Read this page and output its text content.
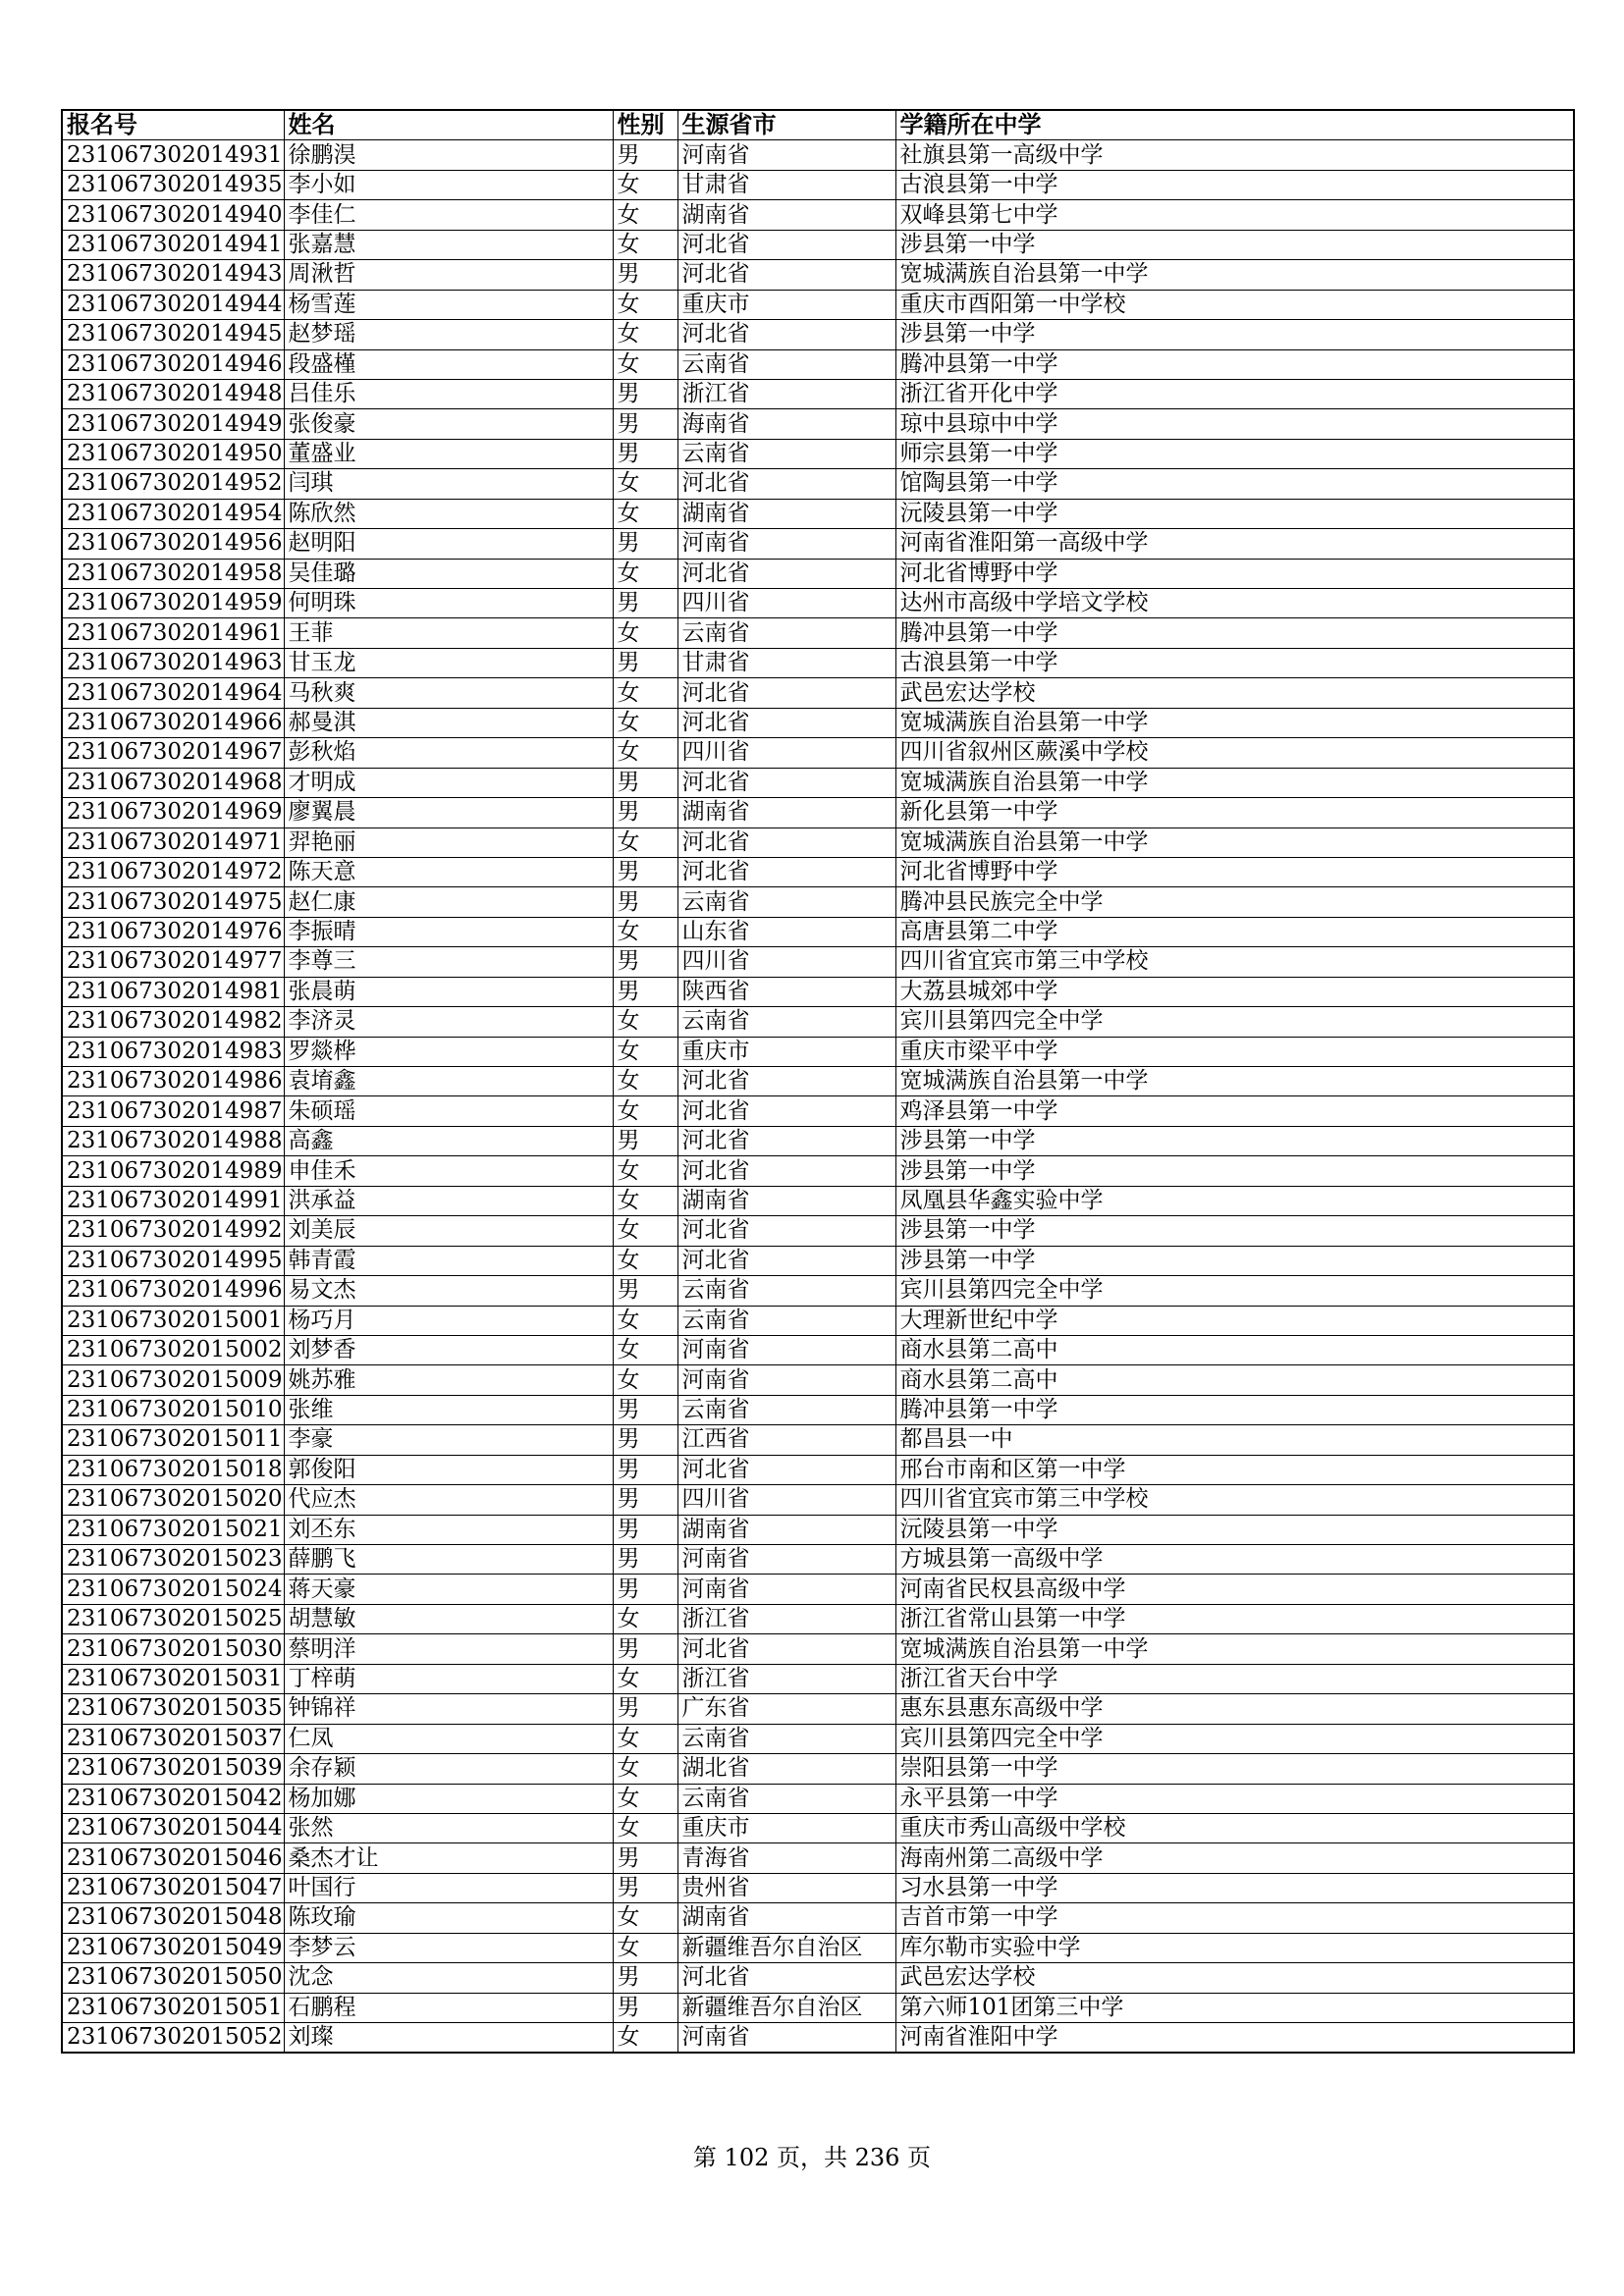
报名号	姓名	性别	生源省市	学籍所在中学
231067302014931	徐鹏淏	男	河南省	社旗县第一高级中学
231067302014935	李小如	女	甘肃省	古浪县第一中学
231067302014940	李佳仁	女	湖南省	双峰县第七中学
231067302014941	张嘉慧	女	河北省	涉县第一中学
231067302014943	周湫哲	男	河北省	宽城满族自治县第一中学
231067302014944	杨雪莲	女	重庆市	重庆市酉阳第一中学校
231067302014945	赵梦瑶	女	河北省	涉县第一中学
231067302014946	段盛槿	女	云南省	腾冲县第一中学
231067302014948	吕佳乐	男	浙江省	浙江省开化中学
231067302014949	张俊豪	男	海南省	琼中县琼中中学
231067302014950	董盛业	男	云南省	师宗县第一中学
231067302014952	闫琪	女	河北省	馆陶县第一中学
231067302014954	陈欣然	女	湖南省	沅陵县第一中学
231067302014956	赵明阳	男	河南省	河南省淮阳第一高级中学
231067302014958	吴佳璐	女	河北省	河北省博野中学
231067302014959	何明珠	男	四川省	达州市高级中学培文学校
231067302014961	王菲	女	云南省	腾冲县第一中学
231067302014963	甘玉龙	男	甘肃省	古浪县第一中学
231067302014964	马秋爽	女	河北省	武邑宏达学校
231067302014966	郝曼淇	女	河北省	宽城满族自治县第一中学
231067302014967	彭秋焰	女	四川省	四川省叙州区蕨溪中学校
231067302014968	才明成	男	河北省	宽城满族自治县第一中学
231067302014969	廖翼晨	男	湖南省	新化县第一中学
231067302014971	羿艳丽	女	河北省	宽城满族自治县第一中学
231067302014972	陈天意	男	河北省	河北省博野中学
231067302014975	赵仁康	男	云南省	腾冲县民族完全中学
231067302014976	李振晴	女	山东省	高唐县第二中学
231067302014977	李尊三	男	四川省	四川省宜宾市第三中学校
231067302014981	张晨萌	男	陕西省	大荔县城郊中学
231067302014982	李济灵	女	云南省	宾川县第四完全中学
231067302014983	罗燚桦	女	重庆市	重庆市梁平中学
231067302014986	袁堉鑫	女	河北省	宽城满族自治县第一中学
231067302014987	朱硕瑶	女	河北省	鸡泽县第一中学
231067302014988	高鑫	男	河北省	涉县第一中学
231067302014989	申佳禾	女	河北省	涉县第一中学
231067302014991	洪承益	女	湖南省	凤凰县华鑫实验中学
231067302014992	刘美辰	女	河北省	涉县第一中学
231067302014995	韩青霞	女	河北省	涉县第一中学
231067302014996	易文杰	男	云南省	宾川县第四完全中学
231067302015001	杨巧月	女	云南省	大理新世纪中学
231067302015002	刘梦香	女	河南省	商水县第二高中
231067302015009	姚苏雅	女	河南省	商水县第二高中
231067302015010	张维	男	云南省	腾冲县第一中学
231067302015011	李豪	男	江西省	都昌县一中
231067302015018	郭俊阳	男	河北省	邢台市南和区第一中学
231067302015020	代应杰	男	四川省	四川省宜宾市第三中学校
231067302015021	刘丕东	男	湖南省	沅陵县第一中学
231067302015023	薛鹏飞	男	河南省	方城县第一高级中学
231067302015024	蒋天豪	男	河南省	河南省民权县高级中学
231067302015025	胡慧敏	女	浙江省	浙江省常山县第一中学
231067302015030	蔡明洋	男	河北省	宽城满族自治县第一中学
231067302015031	丁梓萌	女	浙江省	浙江省天台中学
231067302015035	钟锦祥	男	广东省	惠东县惠东高级中学
231067302015037	仁凤	女	云南省	宾川县第四完全中学
231067302015039	余存颖	女	湖北省	崇阳县第一中学
231067302015042	杨加娜	女	云南省	永平县第一中学
231067302015044	张然	女	重庆市	重庆市秀山高级中学校
231067302015046	桑杰才让	男	青海省	海南州第二高级中学
231067302015047	叶国行	男	贵州省	习水县第一中学
231067302015048	陈玫瑜	女	湖南省	吉首市第一中学
231067302015049	李梦云	女	新疆维吾尔自治区	库尔勒市实验中学
231067302015050	沈念	男	河北省	武邑宏达学校
231067302015051	石鹏程	男	新疆维吾尔自治区	第六师101团第三中学
231067302015052	刘璨	女	河南省	河南省淮阳中学
第 102 页，共 236 页
